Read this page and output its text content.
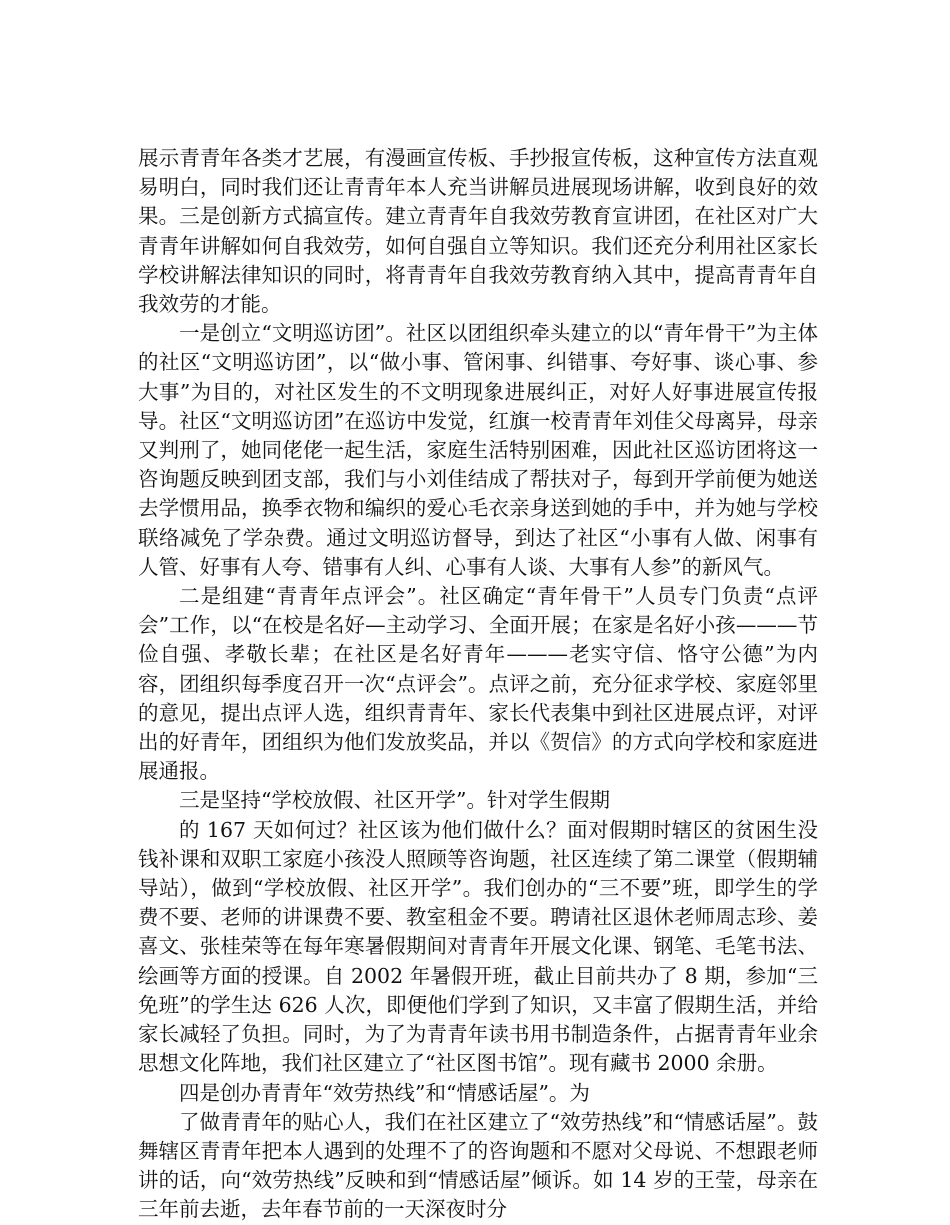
展示青青年各类才艺展，有漫画宣传板、手抄报宣传板，这种宣传方法直观易明白，同时我们还让青青年本人充当讲解员进展现场讲解，收到良好的效果。三是创新方式搞宣传。建立青青年自我效劳教育宣讲团，在社区对广大青青年讲解如何自我效劳，如何自强自立等知识。我们还充分利用社区家长学校讲解法律知识的同时，将青青年自我效劳教育纳入其中，提高青青年自我效劳的才能。

一是创立“文明巡访团”。社区以团组织牵头建立的以“青年骨干”为主体的社区“文明巡访团”，以“做小事、管闲事、纠错事、夸好事、谈心事、参大事”为目的，对社区发生的不文明现象进展纠正，对好人好事进展宣传报导。社区“文明巡访团”在巡访中发觉，红旗一校青青年刘佳父母离异，母亲又判刑了，她同佬佬一起生活，家庭生活特别困难，因此社区巡访团将这一咨询题反映到团支部，我们与小刘佳结成了帮扶对子，每到开学前便为她送去学惯用品，换季衣物和编织的爱心毛衣亲身送到她的手中，并为她与学校联络减免了学杂费。通过文明巡访督导，到达了社区“小事有人做、闲事有人管、好事有人夸、错事有人纠、心事有人谈、大事有人参”的新风气。

二是组建“青青年点评会”。社区确定“青年骨干”人员专门负责“点评会”工作，以“在校是名好—主动学习、全面开展；在家是名好小孩———节俭自强、孝敬长辈；在社区是名好青年———老实守信、恪守公德”为内容，团组织每季度召开一次“点评会”。点评之前，充分征求学校、家庭邻里的意见，提出点评人选，组织青青年、家长代表集中到社区进展点评，对评出的好青年，团组织为他们发放奖品，并以《贺信》的方式向学校和家庭进展通报。

三是坚持“学校放假、社区开学”。针对学生假期

的 167 天如何过？社区该为他们做什么？面对假期时辖区的贫困生没钱补课和双职工家庭小孩没人照顾等咨询题，社区连续了第二课堂（假期辅导站），做到“学校放假、社区开学”。我们创办的“三不要”班，即学生的学费不要、老师的讲课费不要、教室租金不要。聘请社区退休老师周志珍、姜喜文、张桂荣等在每年寒暑假期间对青青年开展文化课、钢笔、毛笔书法、绘画等方面的授课。自 2002 年暑假开班，截止目前共办了 8 期，参加“三免班”的学生达 626 人次，即便他们学到了知识，又丰富了假期生活，并给家长减轻了负担。同时，为了为青青年读书用书制造条件，占据青青年业余思想文化阵地，我们社区建立了“社区图书馆”。现有藏书 2000 余册。

四是创办青青年“效劳热线”和“情感话屋”。为

了做青青年的贴心人，我们在社区建立了“效劳热线”和“情感话屋”。鼓舞辖区青青年把本人遇到的处理不了的咨询题和不愿对父母说、不想跟老师讲的话，向“效劳热线”反映和到“情感话屋”倾诉。如 14 岁的王莹，母亲在三年前去逝，去年春节前的一天深夜时分
